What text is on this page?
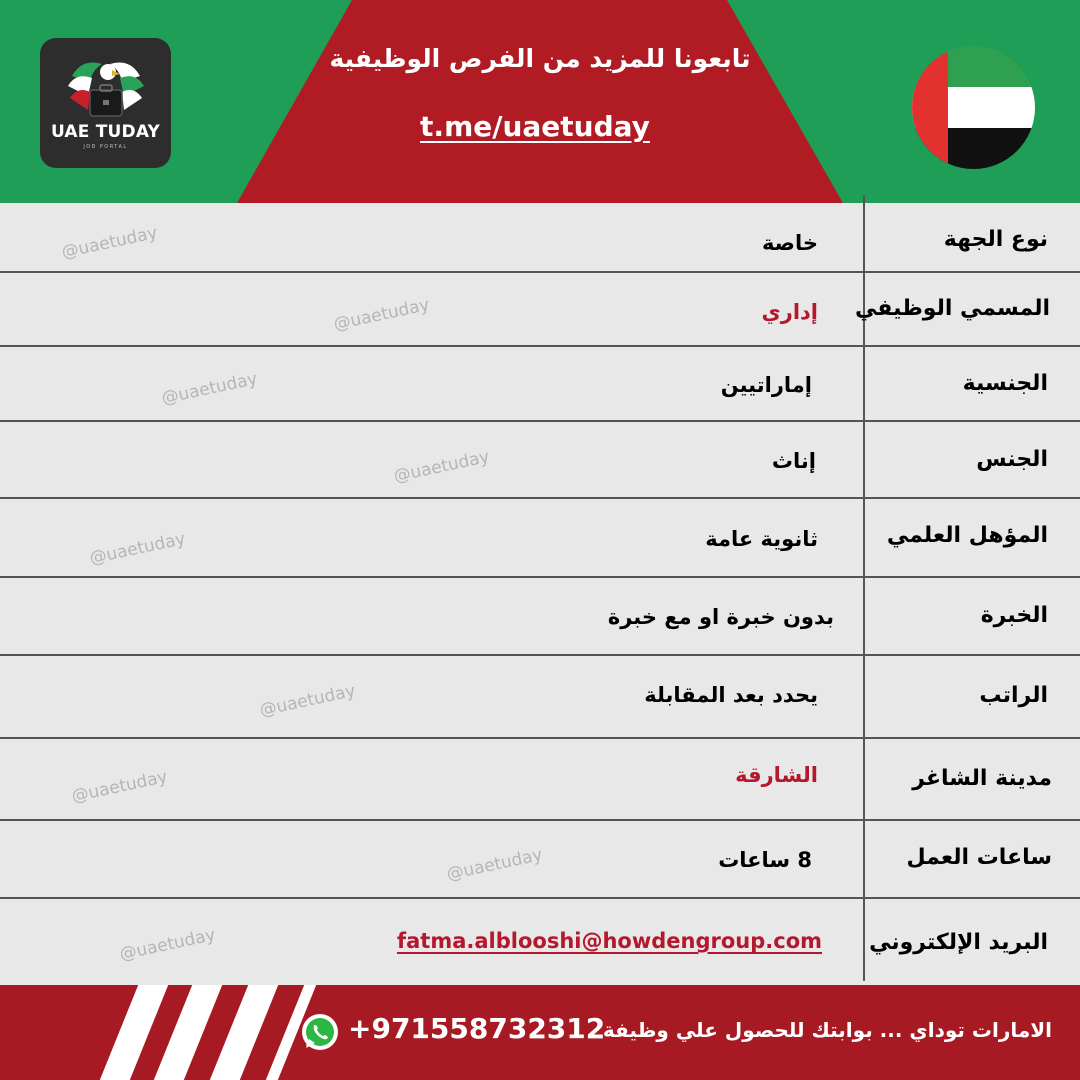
UAE TUDAY
JOB PORTAL
تابعونا للمزيد من الفرص الوظيفية
t.me/uaetuday
@uaetuday
@uaetuday
@uaetuday
@uaetuday
@uaetuday
@uaetuday
@uaetuday
@uaetuday
@uaetuday
نوع الجهة
خاصة
المسمي الوظيفي
إداري
الجنسية
إماراتيين
الجنس
إناث
المؤهل العلمي
ثانوية عامة
الخبرة
بدون خبرة او مع خبرة
الراتب
يحدد بعد المقابلة
مدينة الشاغر
الشارقة
ساعات العمل
8 ساعات
البريد الإلكتروني
fatma.alblooshi@howdengroup.com
+971558732312
الامارات توداي ... بوابتك للحصول علي وظيفة
